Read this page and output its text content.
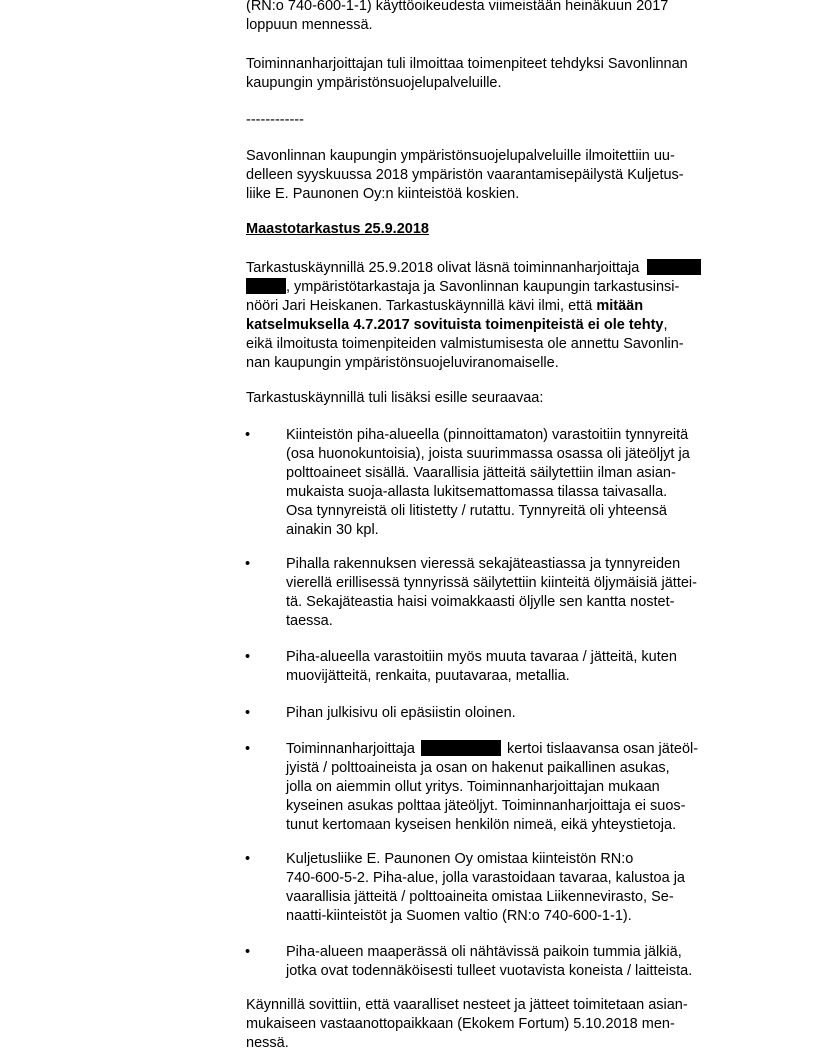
(RN:o 740-600-1-1) käyttöoikeudesta viimeistään heinäkuun 2017
loppuun mennessä.

Toiminnanharjoittajan tuli ilmoittaa toimenpiteet tehdyksi Savonlinnan
kaupungin ympäristönsuojelupalveluille.

------------

Savonlinnan kaupungin ympäristönsuojelupalveluille ilmoitettiin uu-
delleen syyskuussa 2018 ympäristön vaarantamisepäilystä Kuljetus-
liike E. Paunonen Oy:n kiinteistöä koskien.

Maastotarkastus 25.9.2018

Tarkastuskäynnillä 25.9.2018 olivat läsnä toiminnanharjoittaja
, ympäristötarkastaja ja Savonlinnan kaupungin tarkastusinsi-
nööri Jari Heiskanen. Tarkastuskäynnillä kävi ilmi, että mitään
katselmuksella 4.7.2017 sovituista toimenpiteistä ei ole tehty,
eikä ilmoitusta toimenpiteiden valmistumisesta ole annettu Savonlin-
nan kaupungin ympäristönsuojeluviranomaiselle.

Tarkastuskäynnillä tuli lisäksi esille seuraavaa:

• Kiinteistön piha-alueella (pinnoittamaton) varastoitiin tynnyreitä
(osa huonokuntoisia), joista suurimmassa osassa oli jäteöljyt ja
polttoaineet sisällä. Vaarallisia jätteitä säilytettiin ilman asian-
mukaista suoja-allasta lukitsemattomassa tilassa taivasalla.
Osa tynnyreistä oli litistetty / rutattu. Tynnyreitä oli yhteensä
ainakin 30 kpl.

• Pihalla rakennuksen vieressä sekajäteastiassa ja tynnyreiden
vierellä erillisessä tynnyrissä säilytettiin kiinteitä öljymäisiä jättei-
tä. Sekajäteastia haisi voimakkaasti öljylle sen kantta nostet-
taessa.

• Piha-alueella varastoitiin myös muuta tavaraa / jätteitä, kuten
muovijätteitä, renkaita, puutavaraa, metallia.

• Pihan julkisivu oli epäsiistin oloinen.

• Toiminnanharjoittaja	kertoi tislaavansa osan jäteöl-
jyistä / polttoaineista ja osan on hakenut paikallinen asukas,
jolla on aiemmin ollut yritys. Toiminnanharjoittajan mukaan
kyseinen asukas polttaa jäteöljyt. Toiminnanharjoittaja ei suos-
tunut kertomaan kyseisen henkilön nimeä, eikä yhteystietoja.

• Kuljetusliike E. Paunonen Oy omistaa kiinteistön RN:o
740-600-5-2. Piha-alue, jolla varastoidaan tavaraa, kalustoa ja
vaarallisia jätteitä / polttoaineita omistaa Liikennevirasto, Se-
naatti-kiinteistöt ja Suomen valtio (RN:o 740-600-1-1).

• Piha-alueen maaperässä oli nähtävissä paikoin tummia jälkiä,
jotka ovat todennäköisesti tulleet vuotavista koneista / laitteista.

Käynnillä sovittiin, että vaaralliset nesteet ja jätteet toimitetaan asian-
mukaiseen vastaanottopaikkaan (Ekokem Fortum) 5.10.2018 men-
nessä.
